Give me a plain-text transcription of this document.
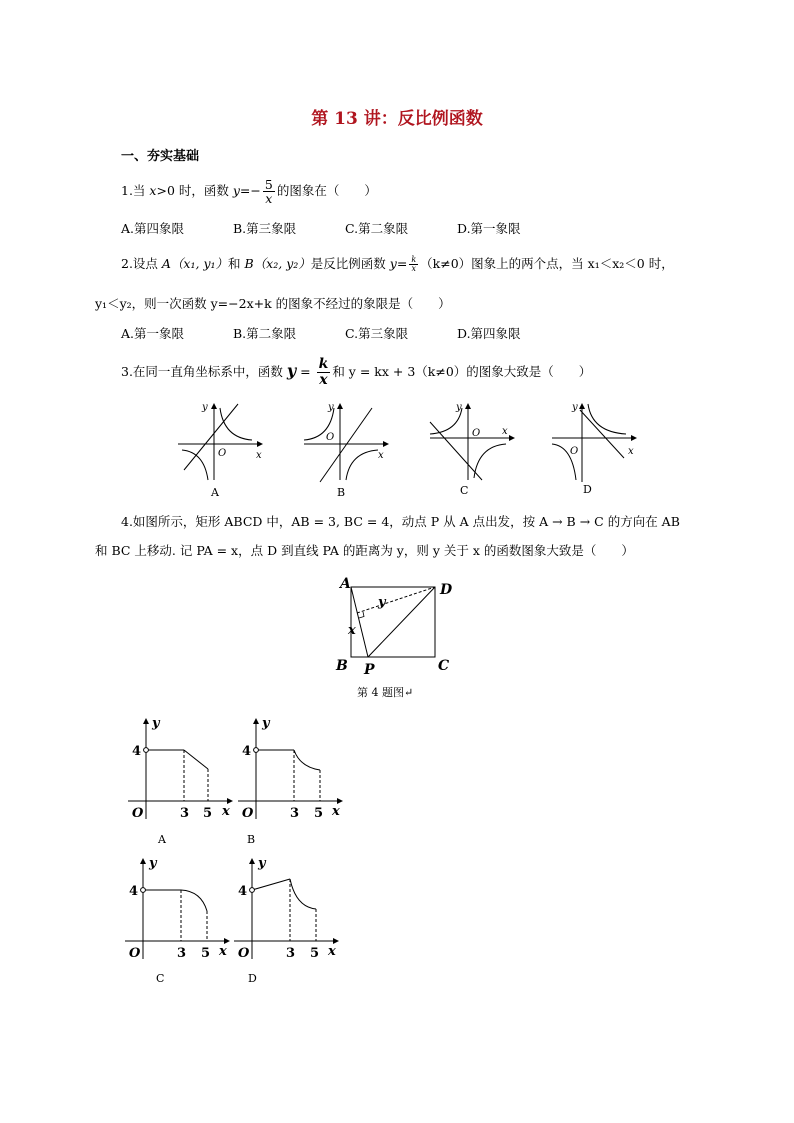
第 13 讲：反比例函数
一、夯实基础
1.当 x>0 时，函数 $y=- \frac{5}{x}$ 的图象在（　　）
A.第四象限	B.第三象限	C.第二象限	D.第一象限
2.设点 A（x₁, y₁）和 B（x₂, y₂）是反比例函数 $y= \frac{k}{x} (k\ne 0)$图象上的两个点，当 x₁＜x₂＜0 时，
y₁＜y₂，则一次函数 y=−2x+k 的图象不经过的象限是（　　）
A.第一象限	B.第二象限	C.第三象限	D.第四象限
3.在同一直角坐标系中，函数 $y = \frac{k}{x}$ 和 y = kx + 3（k≠0）的图象大致是（　　）
y
x
O
A
y
x
O
B
y
x
O
C
y
x
O
D
4.如图所示，矩形 ABCD 中，AB = 3, BC = 4，动点 P 从 A 点出发，按 A → B → C 的方向在 AB
和 BC 上移动. 记 PA = x，点 D 到直线 PA 的距离为 y，则 y 关于 x 的函数图象大致是（　　）
A	D
B P	C
x
y
第 4 题图↵
y
4
O	3 5 x
A
y
4
O	3 5 x
B
y
4
O	3 5 x
C
y
4
O	3 5 x
D
